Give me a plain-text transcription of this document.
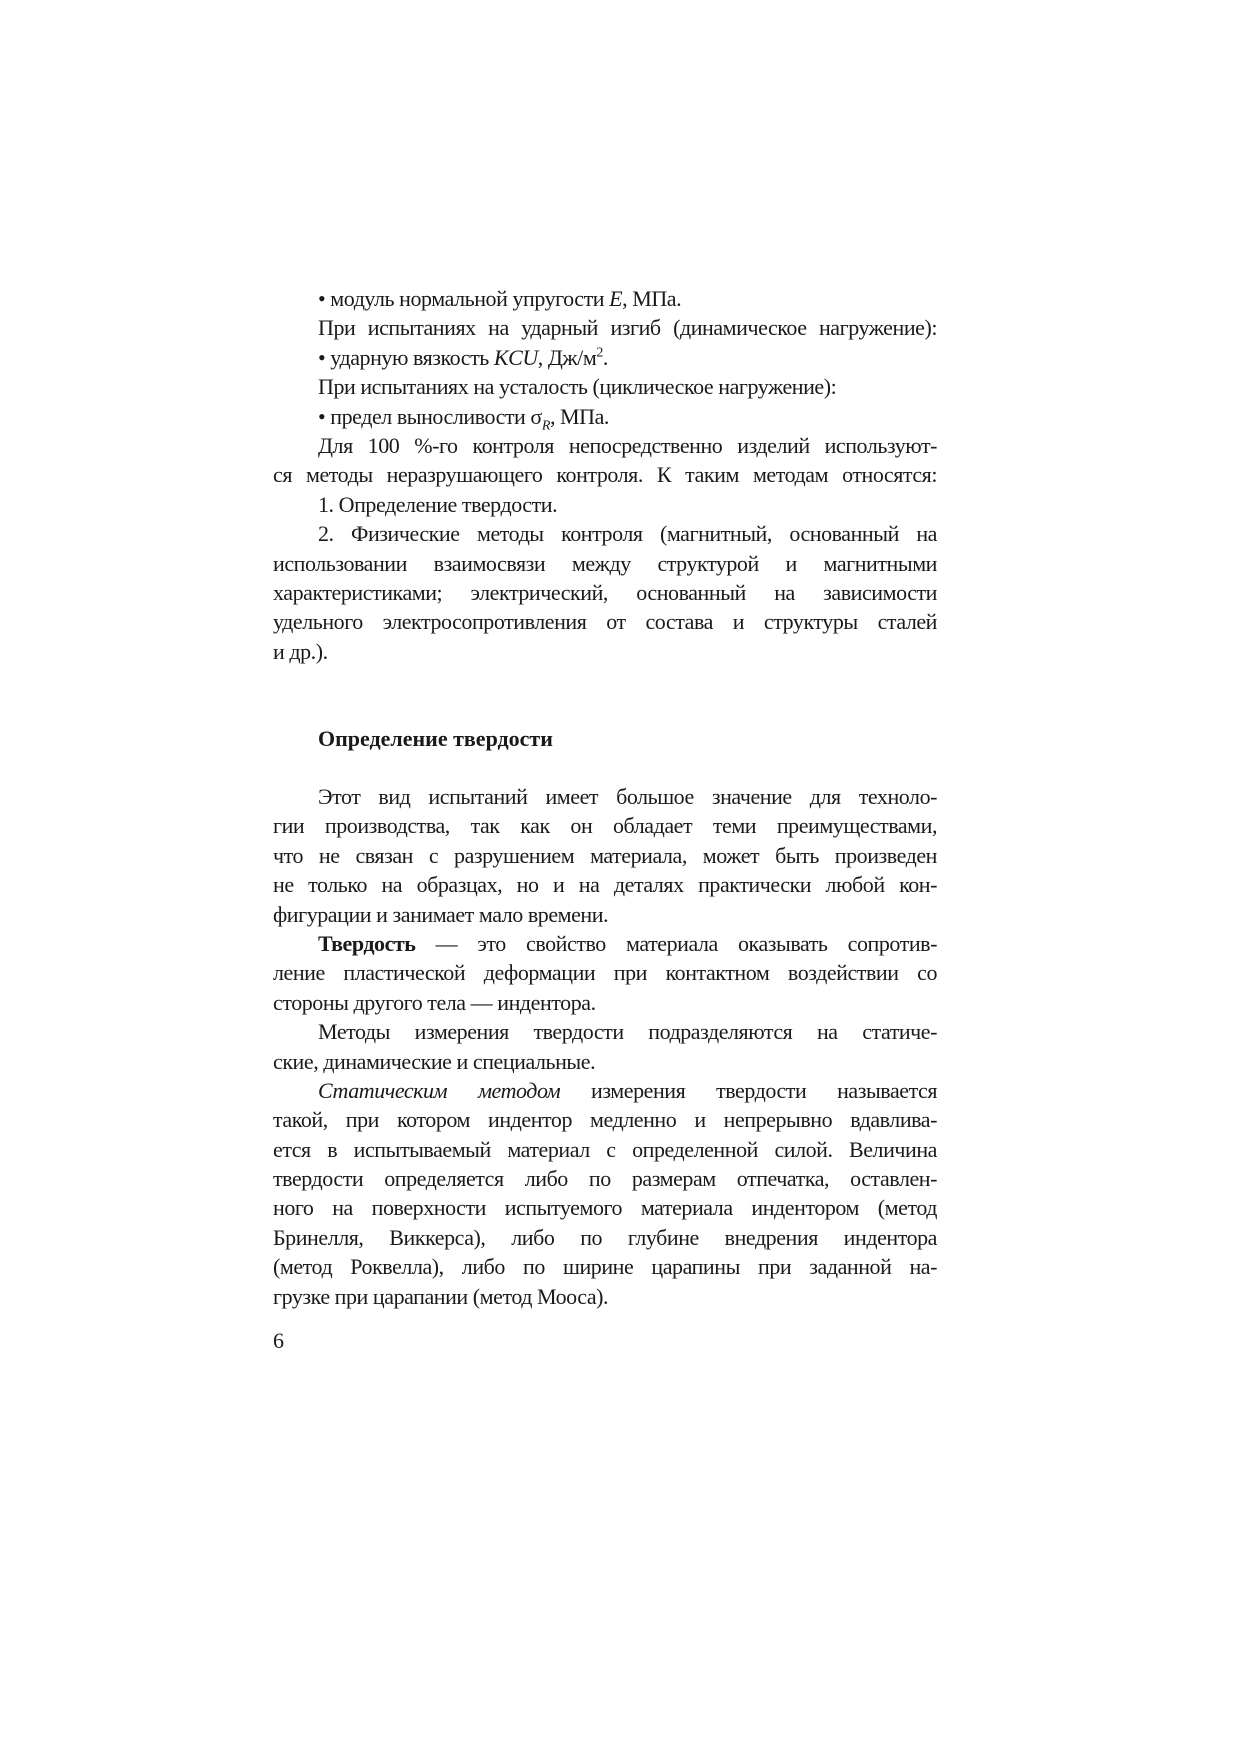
• модуль нормальной упругости E, МПа.
При испытаниях на ударный изгиб (динамическое нагружение):
• ударную вязкость KCU, $Дж/м^2$.
При испытаниях на усталость (циклическое нагружение):
• предел выносливости $\sigma_R$, МПа.
Для 100 %-го контроля непосредственно изделий используют-
ся методы неразрушающего контроля. К таким методам относятся:
1. Определение твердости.
2. Физические методы контроля (магнитный, основанный на
использовании взаимосвязи между структурой и магнитными
характеристиками; электрический, основанный на зависимости
удельного электросопротивления от состава и структуры сталей
и др.).
Определение твердости
Этот вид испытаний имеет большое значение для техноло-
гии производства, так как он обладает теми преимуществами,
что не связан с разрушением материала, может быть произведен
не только на образцах, но и на деталях практически любой кон-
фигурации и занимает мало времени.
Твердость — это свойство материала оказывать сопротив-
ление пластической деформации при контактном воздействии со
стороны другого тела — индентора.
Методы измерения твердости подразделяются на статиче-
ские, динамические и специальные.
Статическим методом измерения твердости называется
такой, при котором индентор медленно и непрерывно вдавлива-
ется в испытываемый материал с определенной силой. Величина
твердости определяется либо по размерам отпечатка, оставлен-
ного на поверхности испытуемого материала индентором (метод
Бринелля, Виккерса), либо по глубине внедрения индентора
(метод Роквелла), либо по ширине царапины при заданной на-
грузке при царапании (метод Мооса).
6
